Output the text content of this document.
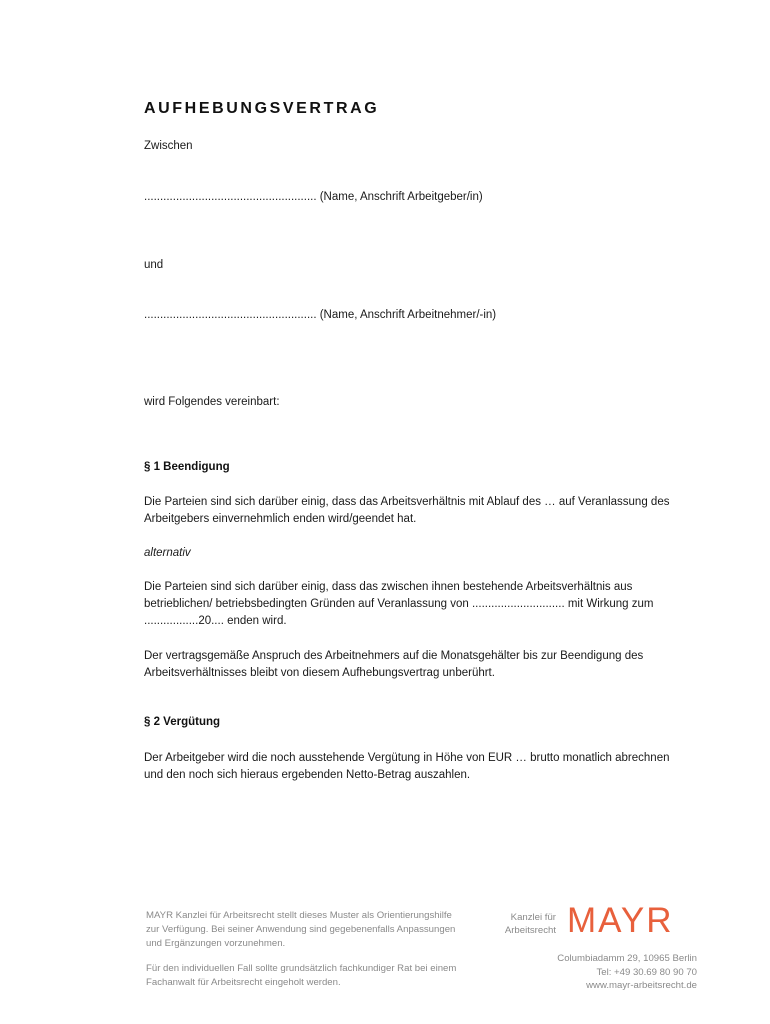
AUFHEBUNGSVERTRAG
Zwischen
...................................................... (Name, Anschrift Arbeitgeber/in)
und
...................................................... (Name, Anschrift Arbeitnehmer/-in)
wird Folgendes vereinbart:
§ 1 Beendigung
Die Parteien sind sich darüber einig, dass das Arbeitsverhältnis mit Ablauf des … auf Veranlassung des Arbeitgebers einvernehmlich enden wird/geendet hat.
alternativ
Die Parteien sind sich darüber einig, dass das zwischen ihnen bestehende Arbeitsverhältnis aus betrieblichen/ betriebsbedingten Gründen auf Veranlassung von ............................. mit Wirkung zum .................20.... enden wird.
Der vertragsgemäße Anspruch des Arbeitnehmers auf die Monatsgehälter bis zur Beendigung des Arbeitsverhältnisses bleibt von diesem Aufhebungsvertrag unberührt.
§ 2 Vergütung
Der Arbeitgeber wird die noch ausstehende Vergütung in Höhe von EUR … brutto monatlich abrechnen und den noch sich hieraus ergebenden Netto-Betrag auszahlen.
MAYR Kanzlei für Arbeitsrecht stellt dieses Muster als Orientierungshilfe zur Verfügung. Bei seiner Anwendung sind gegebenenfalls Anpassungen und Ergänzungen vorzunehmen.
Für den individuellen Fall sollte grundsätzlich fachkundiger Rat bei einem Fachanwalt für Arbeitsrecht eingeholt werden.
Kanzlei für
Arbeitsrecht MAYR
Columbiadamm 29, 10965 Berlin
Tel: +49 30.69 80 90 70
www.mayr-arbeitsrecht.de
